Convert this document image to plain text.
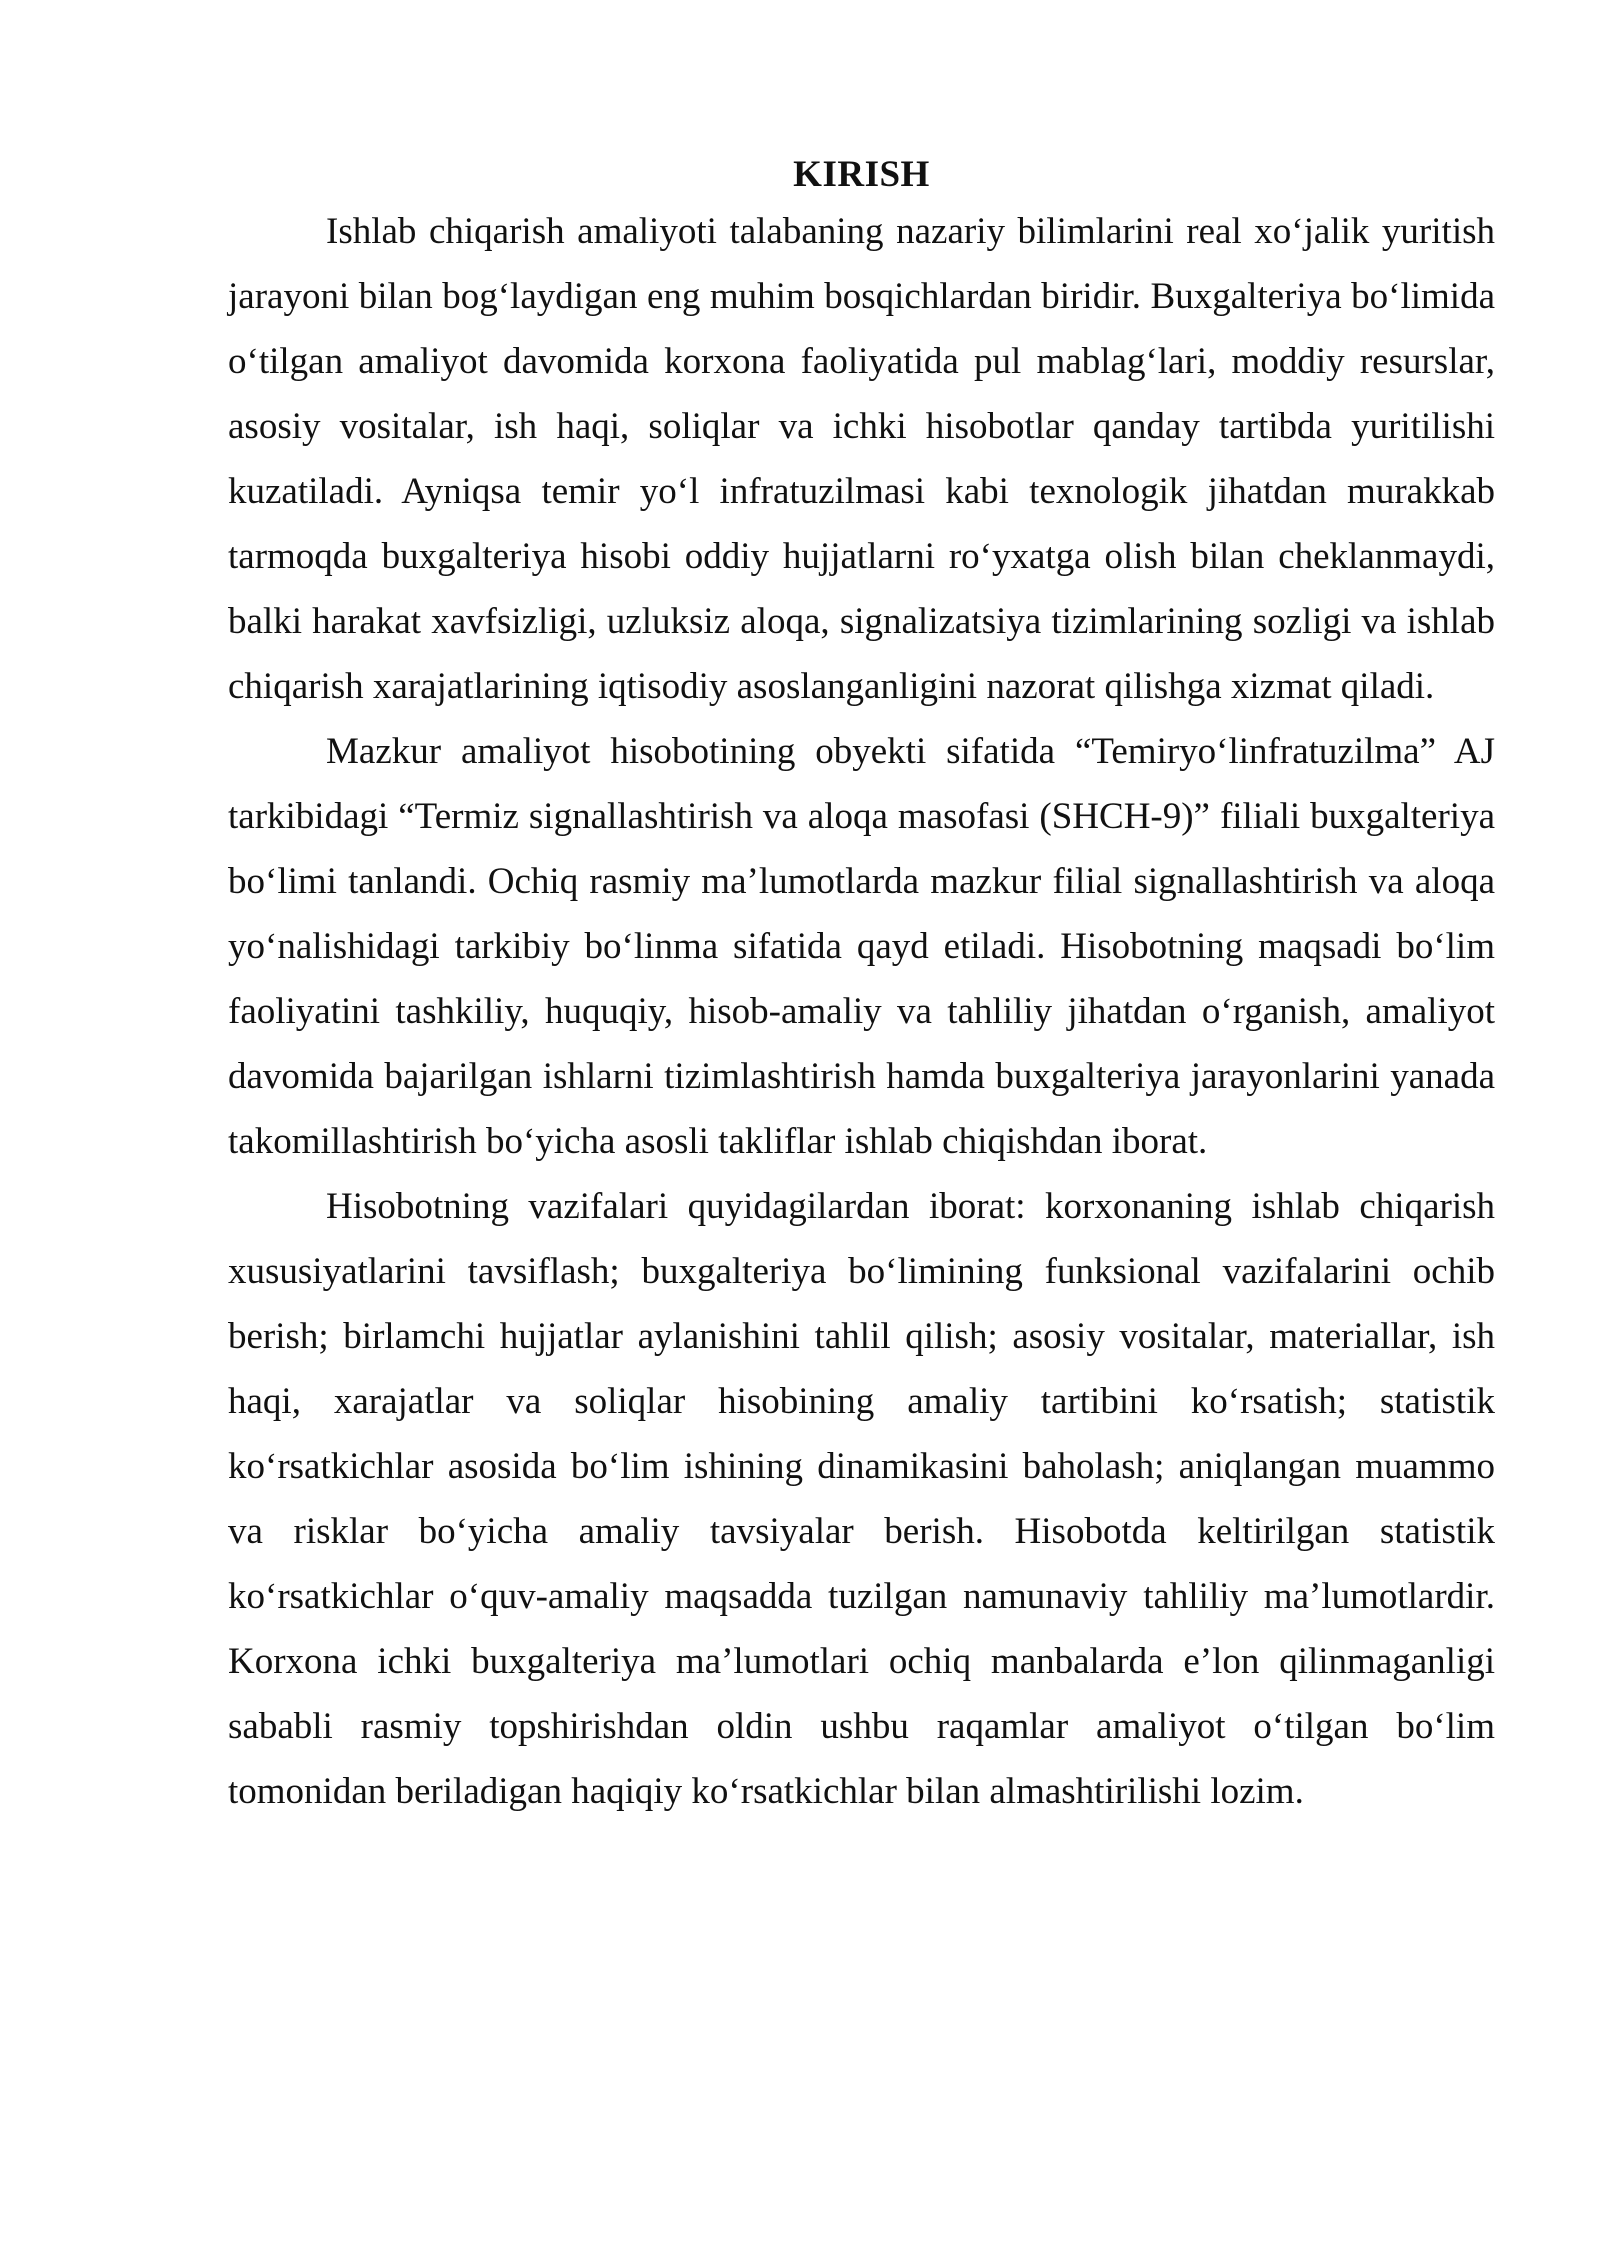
KIRISH

Ishlab chiqarish amaliyoti talabaning nazariy bilimlarini real xo‘jalik yuritish jarayoni bilan bog‘laydigan eng muhim bosqichlardan biridir. Buxgalteriya bo‘limida o‘tilgan amaliyot davomida korxona faoliyatida pul mablag‘lari, moddiy resurslar, asosiy vositalar, ish haqi, soliqlar va ichki hisobotlar qanday tartibda yuritilishi kuzatiladi. Ayniqsa temir yo‘l infratuzilmasi kabi texnologik jihatdan murakkab tarmoqda buxgalteriya hisobi oddiy hujjatlarni ro‘yxatga olish bilan cheklanmaydi, balki harakat xavfsizligi, uzluksiz aloqa, signalizatsiya tizimlarining sozligi va ishlab chiqarish xarajatlarining iqtisodiy asoslanganligini nazorat qilishga xizmat qiladi.

Mazkur amaliyot hisobotining obyekti sifatida “Temiryo‘linfratuzilma” AJ tarkibidagi “Termiz signallashtirish va aloqa masofasi (SHCH-9)” filiali buxgalteriya bo‘limi tanlandi. Ochiq rasmiy ma’lumotlarda mazkur filial signallashtirish va aloqa yo‘nalishidagi tarkibiy bo‘linma sifatida qayd etiladi. Hisobotning maqsadi bo‘lim faoliyatini tashkiliy, huquqiy, hisob-amaliy va tahliliy jihatdan o‘rganish, amaliyot davomida bajarilgan ishlarni tizimlashtirish hamda buxgalteriya jarayonlarini yanada takomillashtirish bo‘yicha asosli takliflar ishlab chiqishdan iborat.

Hisobotning vazifalari quyidagilardan iborat: korxonaning ishlab chiqarish xususiyatlarini tavsiflash; buxgalteriya bo‘limining funksional vazifalarini ochib berish; birlamchi hujjatlar aylanishini tahlil qilish; asosiy vositalar, materiallar, ish haqi, xarajatlar va soliqlar hisobining amaliy tartibini ko‘rsatish; statistik ko‘rsatkichlar asosida bo‘lim ishining dinamikasini baholash; aniqlangan muammo va risklar bo‘yicha amaliy tavsiyalar berish. Hisobotda keltirilgan statistik ko‘rsatkichlar o‘quv-amaliy maqsadda tuzilgan namunaviy tahliliy ma’lumotlardir. Korxona ichki buxgalteriya ma’lumotlari ochiq manbalarda e’lon qilinmaganligi sababli rasmiy topshirishdan oldin ushbu raqamlar amaliyot o‘tilgan bo‘lim tomonidan beriladigan haqiqiy ko‘rsatkichlar bilan almashtirilishi lozim.
